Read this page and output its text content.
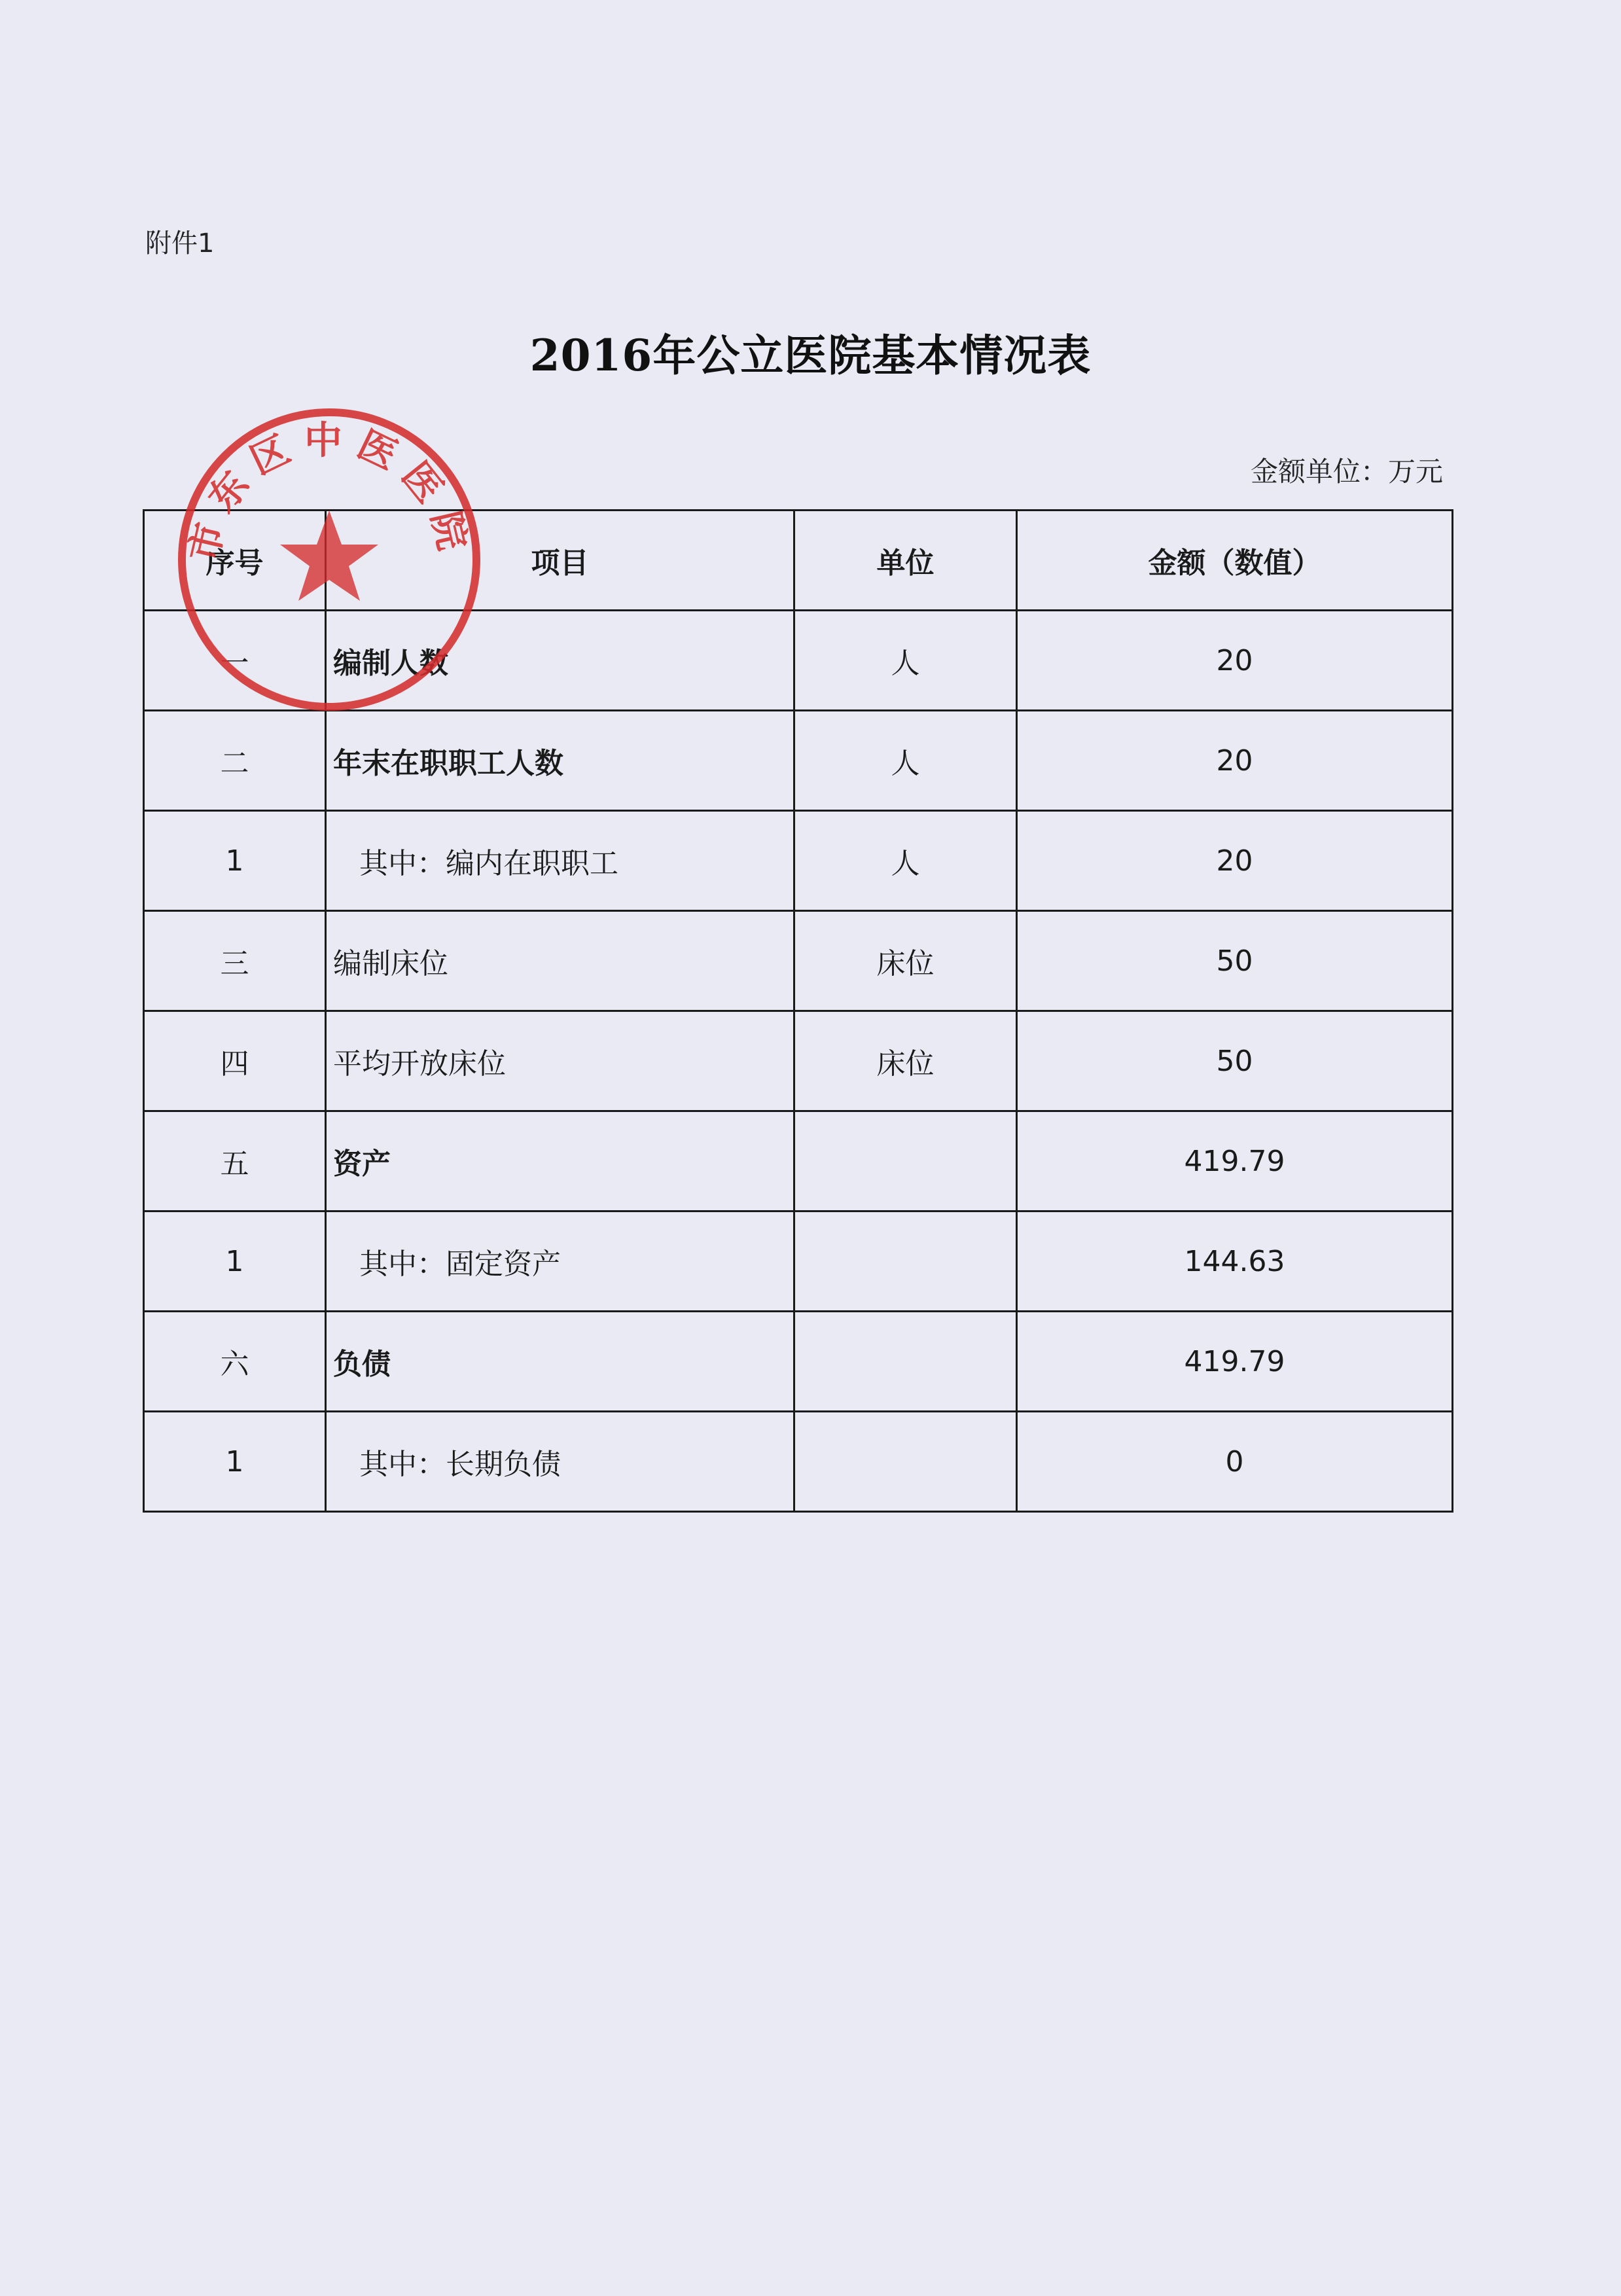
附件1
2016年公立医院基本情况表
金额单位：万元
序号	项目	单位	金额（数值）
一	编制人数	人	20
二	年末在职职工人数	人	20
1	其中：编内在职职工	人	20
三	编制床位	床位	50
四	平均开放床位	床位	50
五	资产		419.79
1	其中：固定资产		144.63
六	负债		419.79
1	其中：长期负债		0
市东区中医医院
